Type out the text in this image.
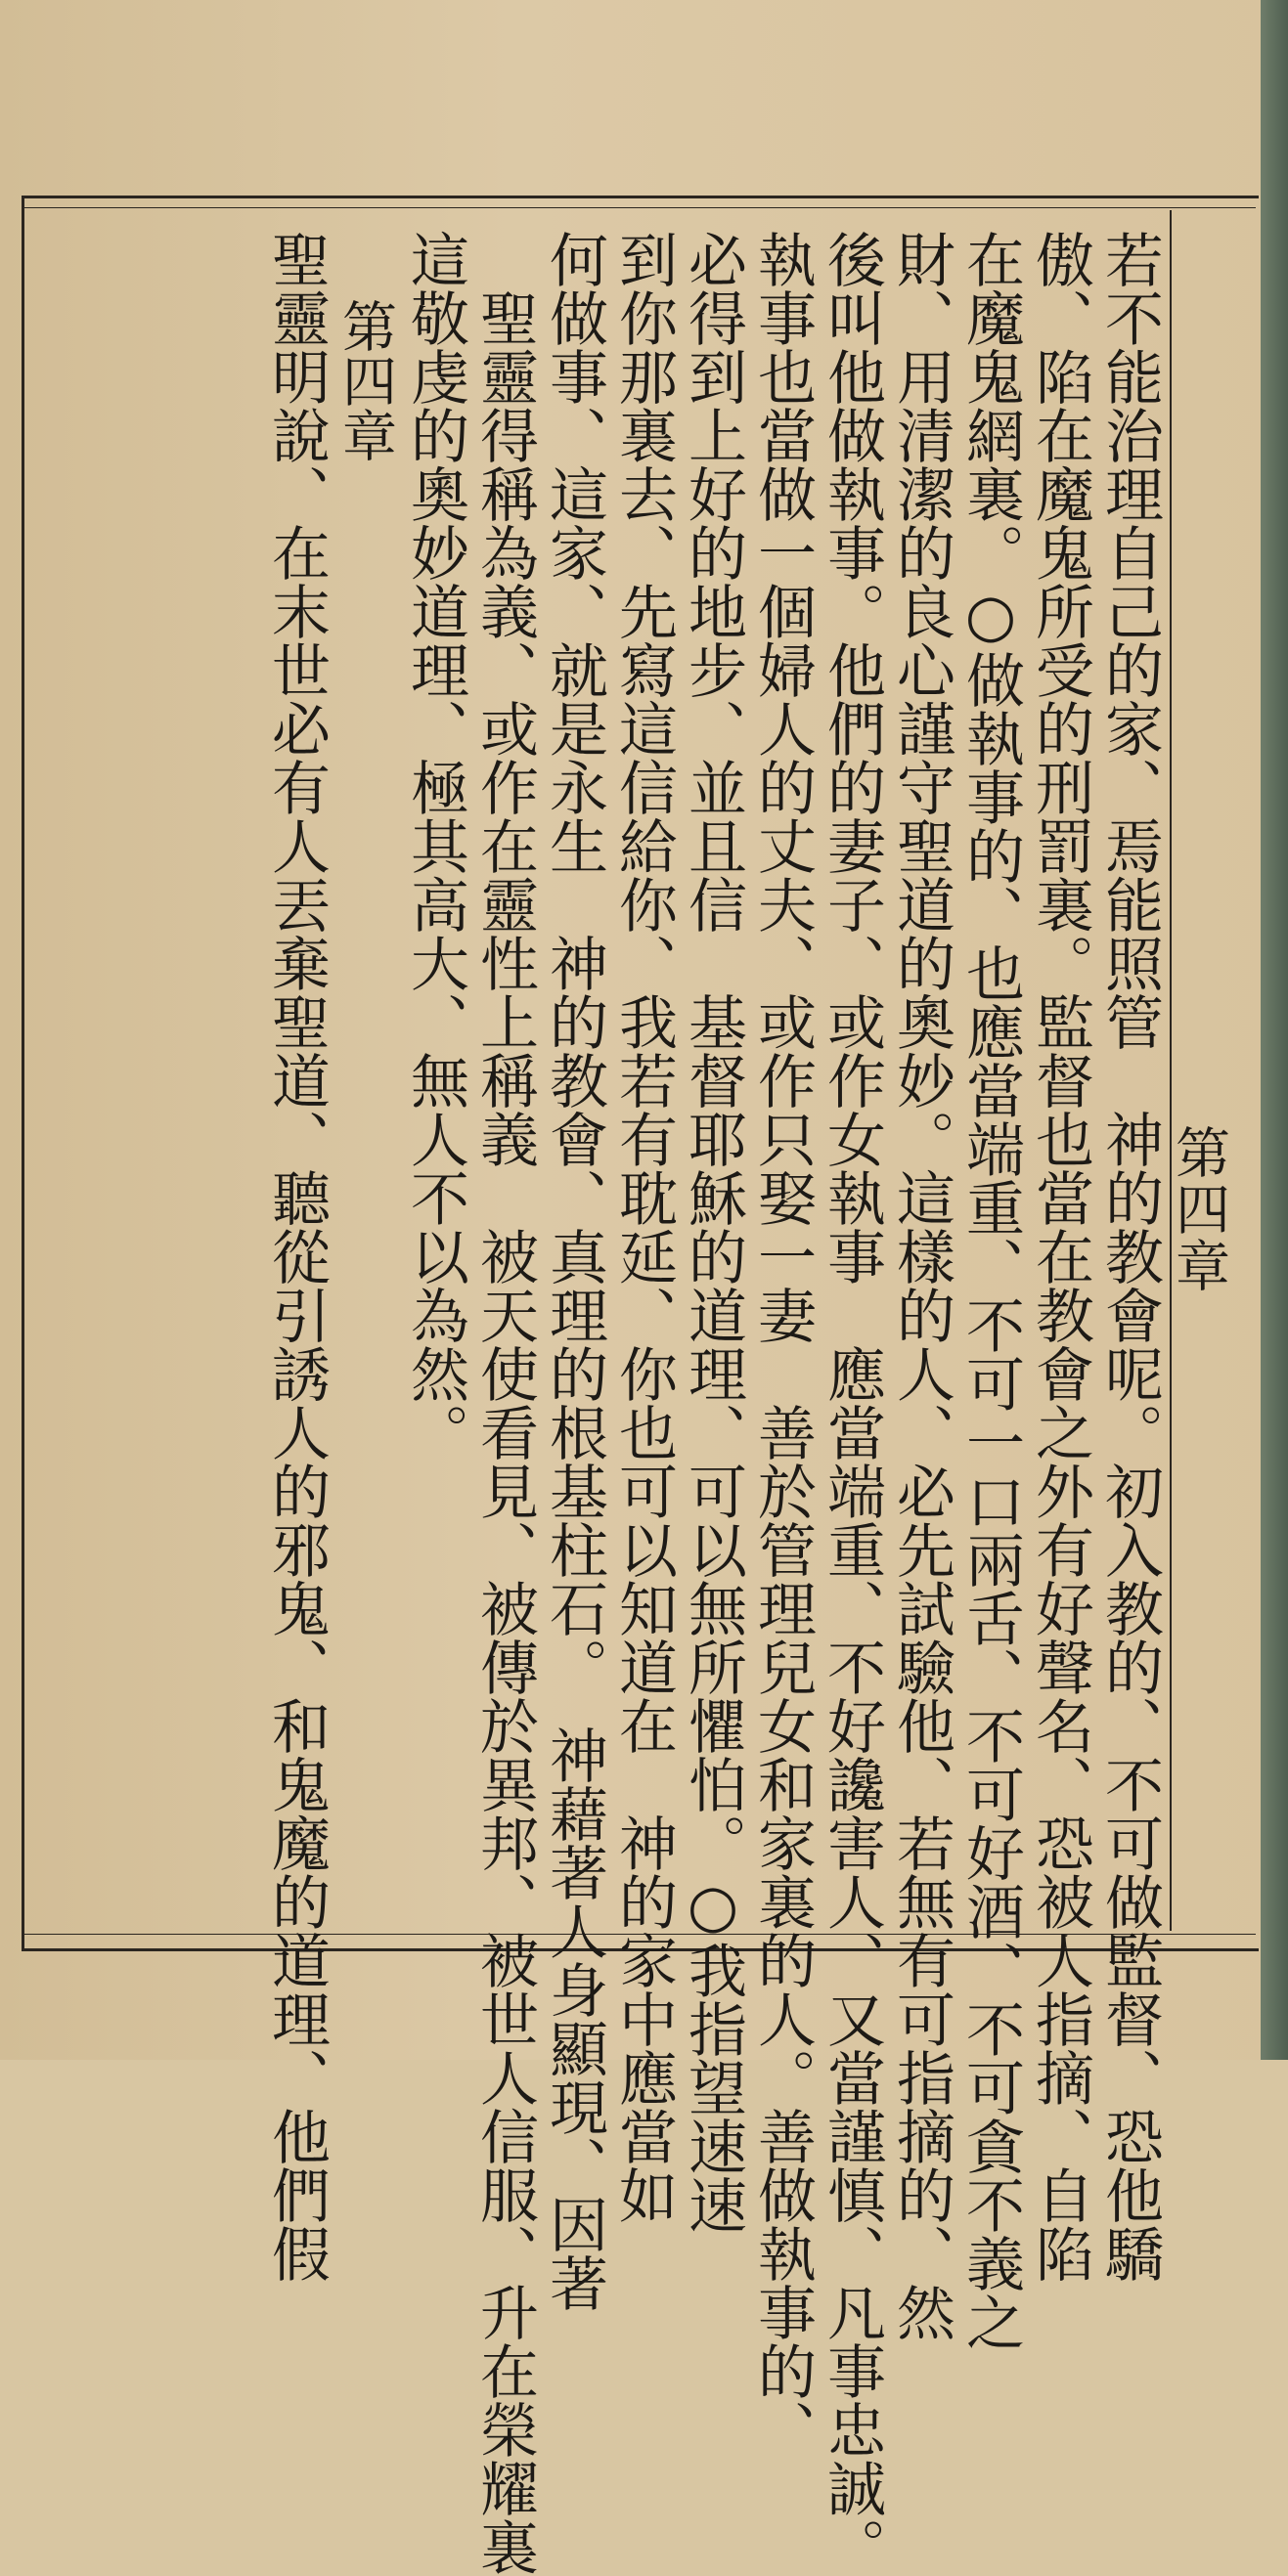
第四章
若不能治理自己的家、焉能照管　神的教會呢。初入教的、不可做監督、恐他驕
傲、陷在魔鬼所受的刑罰裏。監督也當在教會之外有好聲名、恐被人指摘、自陷
在魔鬼網裏。○做執事的、也應當端重、不可一口兩舌、不可好酒、不可貪不義之
財、用清潔的良心謹守聖道的奧妙。這樣的人、必先試驗他、若無有可指摘的、然
後叫他做執事。他們的妻子、或作女執事　應當端重、不好讒害人、又當謹慎、凡事忠誠。
執事也當做一個婦人的丈夫、或作只娶一妻　善於管理兒女和家裏的人。善做執事的、
必得到上好的地步、並且信　基督耶穌的道理、可以無所懼怕。○我指望速速
到你那裏去、先寫這信給你、我若有耽延、你也可以知道在　神的家中應當如
何做事、這家、就是永生　神的教會、真理的根基柱石。　神藉著人身顯現、因著
聖靈得稱為義、或作在靈性上稱義　被天使看見、被傳於異邦、被世人信服、升在榮耀裏
這敬虔的奧妙道理、極其高大、無人不以為然。
第四章
聖靈明說、在末世必有人丟棄聖道、聽從引誘人的邪鬼、和鬼魔的道理、他們假
